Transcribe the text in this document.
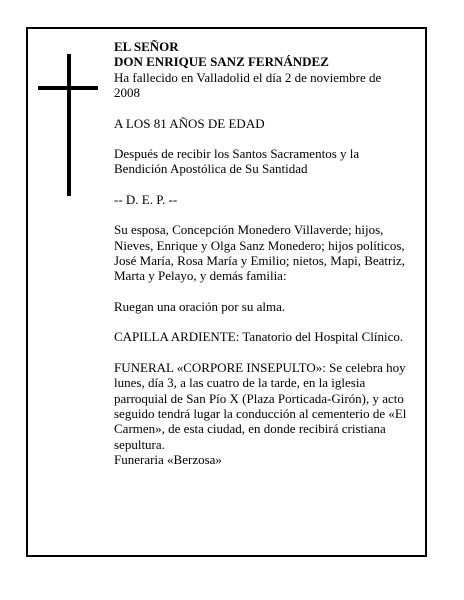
EL SEÑOR

DON ENRIQUE SANZ FERNÁNDEZ

Ha fallecido en Valladolid el día 2 de noviembre de

2008

A LOS 81 AÑOS DE EDAD

Después de recibir los Santos Sacramentos y la

Bendición Apostólica de Su Santidad

-- D. E. P. --

Su esposa, Concepción Monedero Villaverde; hijos,

Nieves, Enrique y Olga Sanz Monedero; hijos políticos,

José María, Rosa María y Emilio; nietos, Mapi, Beatriz,

Marta y Pelayo, y demás familia:

Ruegan una oración por su alma.

CAPILLA ARDIENTE: Tanatorio del Hospital Clínico.

FUNERAL «CORPORE INSEPULTO»: Se celebra hoy

lunes, día 3, a las cuatro de la tarde, en la iglesia

parroquial de San Pío X (Plaza Porticada-Girón), y acto

seguido tendrá lugar la conducción al cementerio de «El

Carmen», de esta ciudad, en donde recibirá cristiana

sepultura.

Funeraria «Berzosa»
